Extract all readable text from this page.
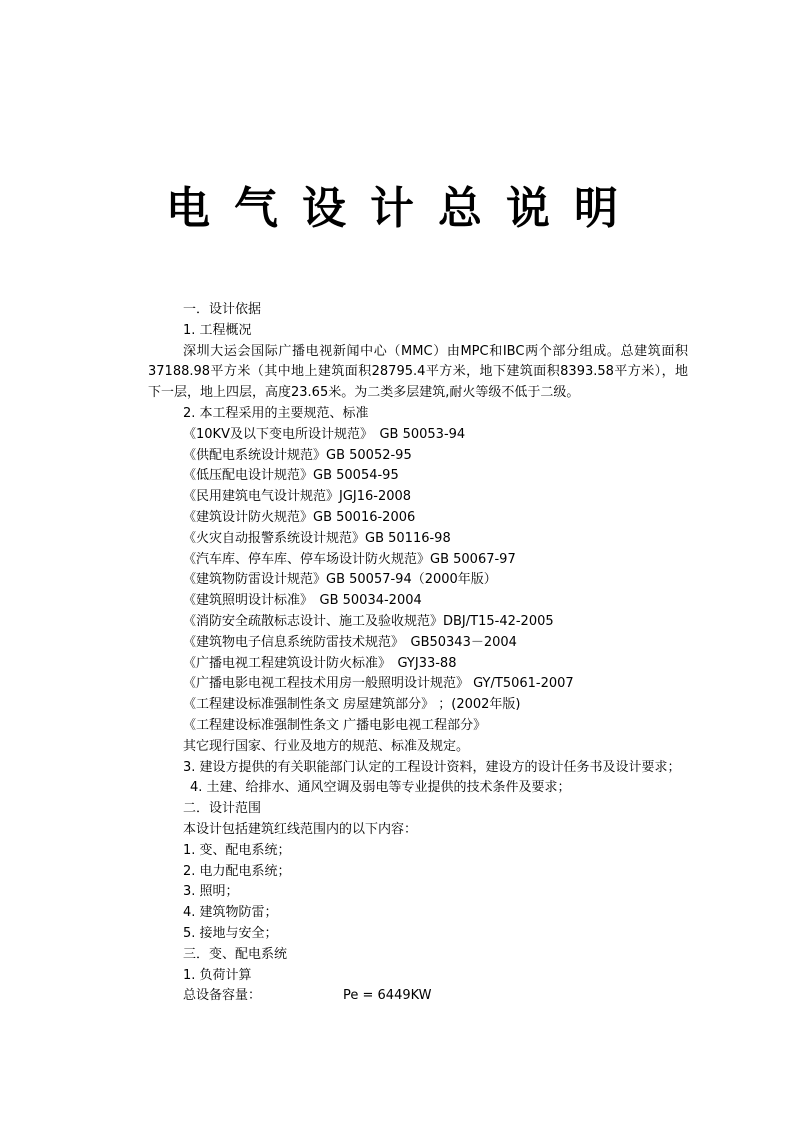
电气设计总说明
一．设计依据
1. 工程概况
深圳大运会国际广播电视新闻中心（MMC）由MPC和IBC两个部分组成。总建筑面积37188.98平方米（其中地上建筑面积28795.4平方米，地下建筑面积8393.58平方米），地下一层，地上四层，高度23.65米。为二类多层建筑,耐火等级不低于二级。
2. 本工程采用的主要规范、标准
《10KV及以下变电所设计规范》　GB 50053-94
《供配电系统设计规范》GB 50052-95
《低压配电设计规范》GB 50054-95
《民用建筑电气设计规范》JGJ16-2008
《建筑设计防火规范》GB 50016-2006
《火灾自动报警系统设计规范》GB 50116-98
《汽车库、停车库、停车场设计防火规范》GB 50067-97
《建筑物防雷设计规范》GB 50057-94（2000年版）
《建筑照明设计标准》　GB 50034-2004
《消防安全疏散标志设计、施工及验收规范》DBJ/T15-42-2005
《建筑物电子信息系统防雷技术规范》　GB50343－2004
《广播电视工程建筑设计防火标准》　GYJ33-88
《广播电影电视工程技术用房一般照明设计规范》 GY/T5061-2007
《工程建设标准强制性条文 房屋建筑部分》 ；(2002年版)
《工程建设标准强制性条文 广播电影电视工程部分》
其它现行国家、行业及地方的规范、标准及规定。
3. 建设方提供的有关职能部门认定的工程设计资料，建设方的设计任务书及设计要求；
4. 土建、给排水、通风空调及弱电等专业提供的技术条件及要求；
二．设计范围
本设计包括建筑红线范围内的以下内容：
1. 变、配电系统；
2. 电力配电系统；
3. 照明；
4. 建筑物防雷；
5. 接地与安全；
三．变、配电系统
1. 负荷计算
总设备容量：	Pe = 6449KW
